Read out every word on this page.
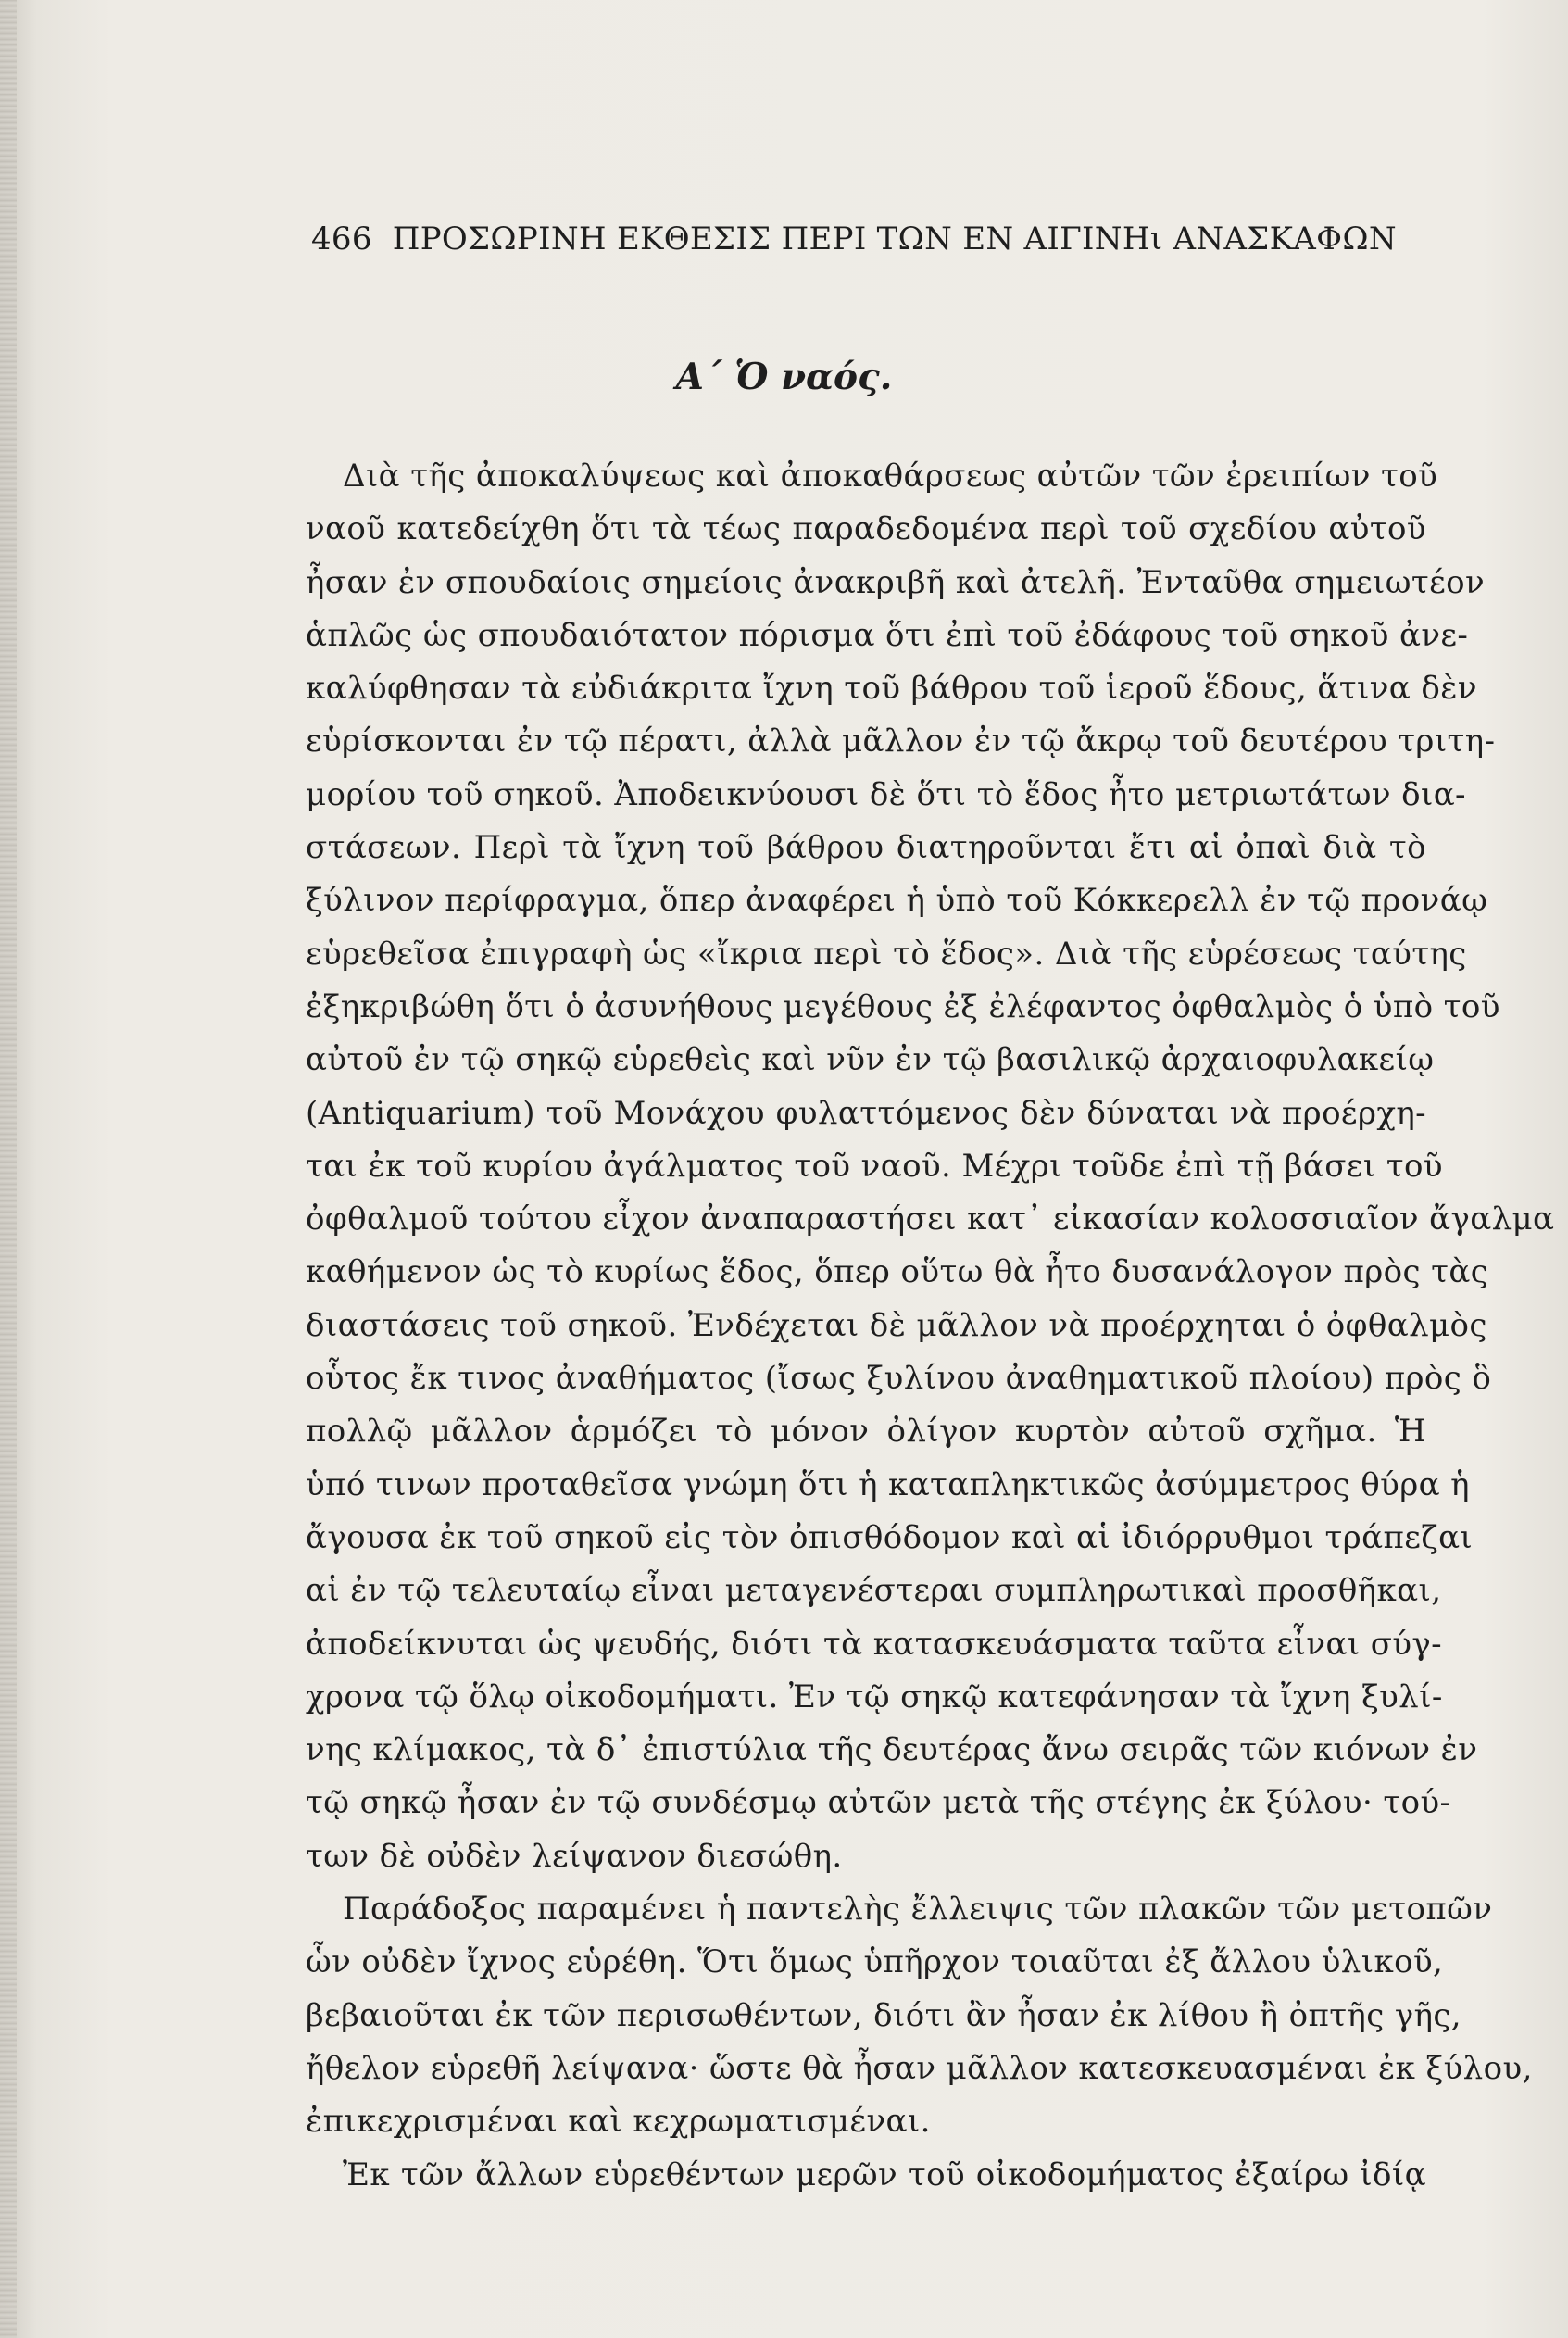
466 ΠΡΟΣΩΡΙΝΗ ΕΚΘΕΣΙΣ ΠΕΡΙ ΤΩΝ ΕΝ ΑΙΓΙΝΗι ΑΝΑΣΚΑΦΩΝ
Α΄ Ὁ ναός.
Διὰ τῆς ἀποκαλύψεως καὶ ἀποκαθάρσεως αὐτῶν τῶν ἐρειπίων τοῦ
ναοῦ κατεδείχθη ὅτι τὰ τέως παραδεδομένα περὶ τοῦ σχεδίου αὐτοῦ
ἦσαν ἐν σπουδαίοις σημείοις ἀνακριβῆ καὶ ἀτελῆ. Ἐνταῦθα σημειωτέον
ἁπλῶς ὡς σπουδαιότατον πόρισμα ὅτι ἐπὶ τοῦ ἐδάφους τοῦ σηκοῦ ἀνε-
καλύφθησαν τὰ εὐδιάκριτα ἴχνη τοῦ βάθρου τοῦ ἱεροῦ ἕδους, ἅτινα δὲν
εὑρίσκονται ἐν τῷ πέρατι, ἀλλὰ μᾶλλον ἐν τῷ ἄκρῳ τοῦ δευτέρου τριτη-
μορίου τοῦ σηκοῦ. Ἀποδεικνύουσι δὲ ὅτι τὸ ἕδος ἦτο μετριωτάτων δια-
στάσεων. Περὶ τὰ ἴχνη τοῦ βάθρου διατηροῦνται ἔτι αἱ ὀπαὶ διὰ τὸ
ξύλινον περίφραγμα, ὅπερ ἀναφέρει ἡ ὑπὸ τοῦ Κόκκερελλ ἐν τῷ προνάῳ
εὑρεθεῖσα ἐπιγραφὴ ὡς «ἴκρια περὶ τὸ ἕδος». Διὰ τῆς εὑρέσεως ταύτης
ἐξηκριβώθη ὅτι ὁ ἀσυνήθους μεγέθους ἐξ ἐλέφαντος ὀφθαλμὸς ὁ ὑπὸ τοῦ
αὐτοῦ ἐν τῷ σηκῷ εὑρεθεὶς καὶ νῦν ἐν τῷ βασιλικῷ ἀρχαιοφυλακείῳ
(Antiquarium) τοῦ Μονάχου φυλαττόμενος δὲν δύναται νὰ προέρχη-
ται ἐκ τοῦ κυρίου ἀγάλματος τοῦ ναοῦ. Μέχρι τοῦδε ἐπὶ τῇ βάσει τοῦ
ὀφθαλμοῦ τούτου εἶχον ἀναπαραστήσει κατ᾽ εἰκασίαν κολοσσιαῖον ἄγαλμα
καθήμενον ὡς τὸ κυρίως ἕδος, ὅπερ οὕτω θὰ ἦτο δυσανάλογον πρὸς τὰς
διαστάσεις τοῦ σηκοῦ. Ἐνδέχεται δὲ μᾶλλον νὰ προέρχηται ὁ ὀφθαλμὸς
οὗτος ἔκ τινος ἀναθήματος (ἴσως ξυλίνου ἀναθηματικοῦ πλοίου) πρὸς ὃ
πολλῷ μᾶλλον ἁρμόζει τὸ μόνον ὀλίγον κυρτὸν αὐτοῦ σχῆμα. Ἡ
ὑπό τινων προταθεῖσα γνώμη ὅτι ἡ καταπληκτικῶς ἀσύμμετρος θύρα ἡ
ἄγουσα ἐκ τοῦ σηκοῦ εἰς τὸν ὀπισθόδομον καὶ αἱ ἰδιόρρυθμοι τράπεζαι
αἱ ἐν τῷ τελευταίῳ εἶναι μεταγενέστεραι συμπληρωτικαὶ προσθῆκαι,
ἀποδείκνυται ὡς ψευδής, διότι τὰ κατασκευάσματα ταῦτα εἶναι σύγ-
χρονα τῷ ὅλῳ οἰκοδομήματι. Ἐν τῷ σηκῷ κατεφάνησαν τὰ ἴχνη ξυλί-
νης κλίμακος, τὰ δ᾽ ἐπιστύλια τῆς δευτέρας ἄνω σειρᾶς τῶν κιόνων ἐν
τῷ σηκῷ ἦσαν ἐν τῷ συνδέσμῳ αὐτῶν μετὰ τῆς στέγης ἐκ ξύλου· τού-
των δὲ οὐδὲν λείψανον διεσώθη.
Παράδοξος παραμένει ἡ παντελὴς ἔλλειψις τῶν πλακῶν τῶν μετοπῶν
ὧν οὐδὲν ἴχνος εὑρέθη. Ὅτι ὅμως ὑπῆρχον τοιαῦται ἐξ ἄλλου ὑλικοῦ,
βεβαιοῦται ἐκ τῶν περισωθέντων, διότι ἂν ἦσαν ἐκ λίθου ἢ ὀπτῆς γῆς,
ἤθελον εὑρεθῆ λείψανα· ὥστε θὰ ἦσαν μᾶλλον κατεσκευασμέναι ἐκ ξύλου,
ἐπικεχρισμέναι καὶ κεχρωματισμέναι.
Ἐκ τῶν ἄλλων εὑρεθέντων μερῶν τοῦ οἰκοδομήματος ἐξαίρω ἰδίᾳ
